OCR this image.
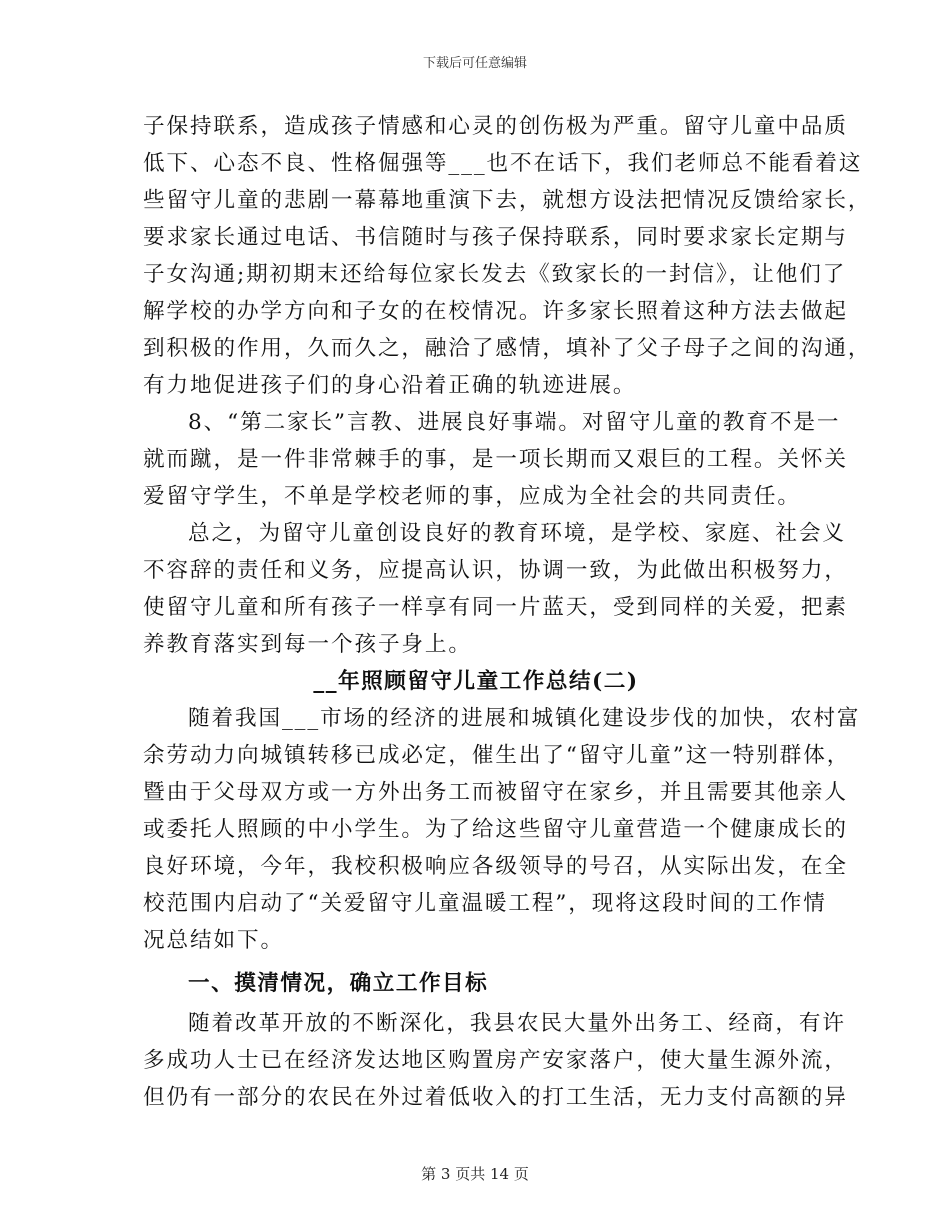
下载后可任意编辑
子保持联系，造成孩子情感和心灵的创伤极为严重。留守儿童中品质
低下、心态不良、性格倔强等___也不在话下，我们老师总不能看着这
些留守儿童的悲剧一幕幕地重演下去，就想方设法把情况反馈给家长，
要求家长通过电话、书信随时与孩子保持联系，同时要求家长定期与
子女沟通;期初期末还给每位家长发去《致家长的一封信》，让他们了
解学校的办学方向和子女的在校情况。许多家长照着这种方法去做起
到积极的作用，久而久之，融洽了感情，填补了父子母子之间的沟通，
有力地促进孩子们的身心沿着正确的轨迹进展。
8、“第二家长”言教、进展良好事端。对留守儿童的教育不是一
就而蹴，是一件非常棘手的事，是一项长期而又艰巨的工程。关怀关
爱留守学生，不单是学校老师的事，应成为全社会的共同责任。
总之，为留守儿童创设良好的教育环境，是学校、家庭、社会义
不容辞的责任和义务，应提高认识，协调一致，为此做出积极努力，
使留守儿童和所有孩子一样享有同一片蓝天，受到同样的关爱，把素
养教育落实到每一个孩子身上。
__年照顾留守儿童工作总结(二)
随着我国___市场的经济的进展和城镇化建设步伐的加快，农村富
余劳动力向城镇转移已成必定，催生出了“留守儿童”这一特别群体，
暨由于父母双方或一方外出务工而被留守在家乡，并且需要其他亲人
或委托人照顾的中小学生。为了给这些留守儿童营造一个健康成长的
良好环境，今年，我校积极响应各级领导的号召，从实际出发，在全
校范围内启动了“关爱留守儿童温暖工程”，现将这段时间的工作情
况总结如下。
一、摸清情况，确立工作目标
随着改革开放的不断深化，我县农民大量外出务工、经商，有许
多成功人士已在经济发达地区购置房产安家落户，使大量生源外流，
但仍有一部分的农民在外过着低收入的打工生活，无力支付高额的异
第 3 页共 14 页
